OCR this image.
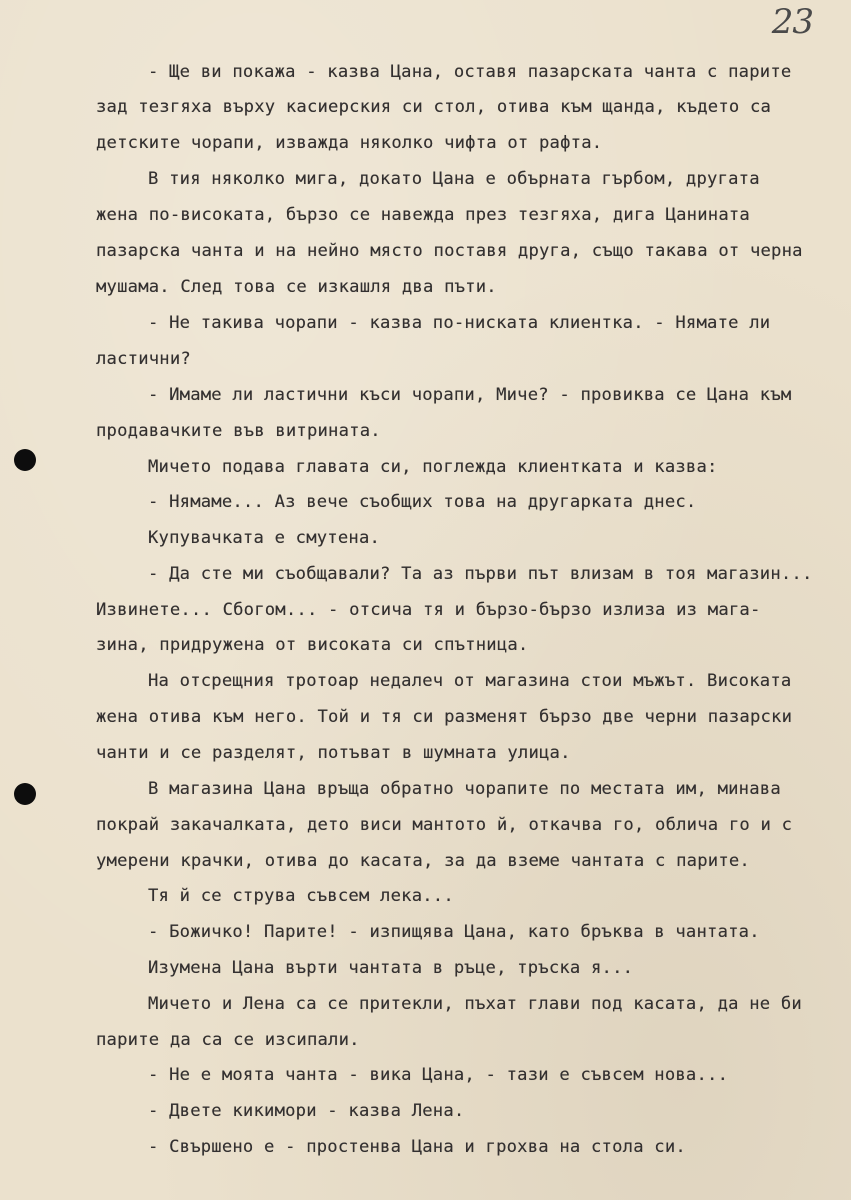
23
- Ще ви покажа - казва Цана, оставя пазарската чанта с парите
зад тезгяха върху касиерския си стол, отива към щанда, където са
детските чорапи, изважда няколко чифта от рафта.
В тия няколко мига, докато Цана е обърната гърбом, другата
жена по-високата, бързо се навежда през тезгяха, дига Цанината
пазарска чанта и на нейно място поставя друга, също такава от черна
мушама. След това се изкашля два пъти.
- Не такива чорапи - казва по-ниската клиентка. - Нямате ли
ластични?
- Имаме ли ластични къси чорапи, Миче? - провиква се Цана към
продавачките във витрината.
Мичето подава главата си, поглежда клиентката и казва:
- Нямаме... Аз вече съобщих това на другарката днес.
Купувачката е смутена.
- Да сте ми съобщавали? Та аз първи път влизам в тоя магазин...
Извинете... Сбогом... - отсича тя и бързо-бързо излиза из мага-
зина, придружена от високата си спътница.
На отсрещния тротоар недалеч от магазина стои мъжът. Високата
жена отива към него. Той и тя си разменят бързо две черни пазарски
чанти и се разделят, потъват в шумната улица.
В магазина Цана връща обратно чорапите по местата им, минава
покрай закачалката, дето виси мантото й, откачва го, облича го и с
умерени крачки, отива до касата, за да вземе чантата с парите.
Тя й се струва съвсем лека...
- Божичко! Парите! - изпищява Цана, като бръква в чантата.
Изумена Цана върти чантата в ръце, тръска я...
Мичето и Лена са се притекли, пъхат глави под касата, да не би
парите да са се изсипали.
- Не е моята чанта - вика Цана, - тази е съвсем нова...
- Двете кикимори - казва Лена.
- Свършено е - простенва Цана и грохва на стола си.
